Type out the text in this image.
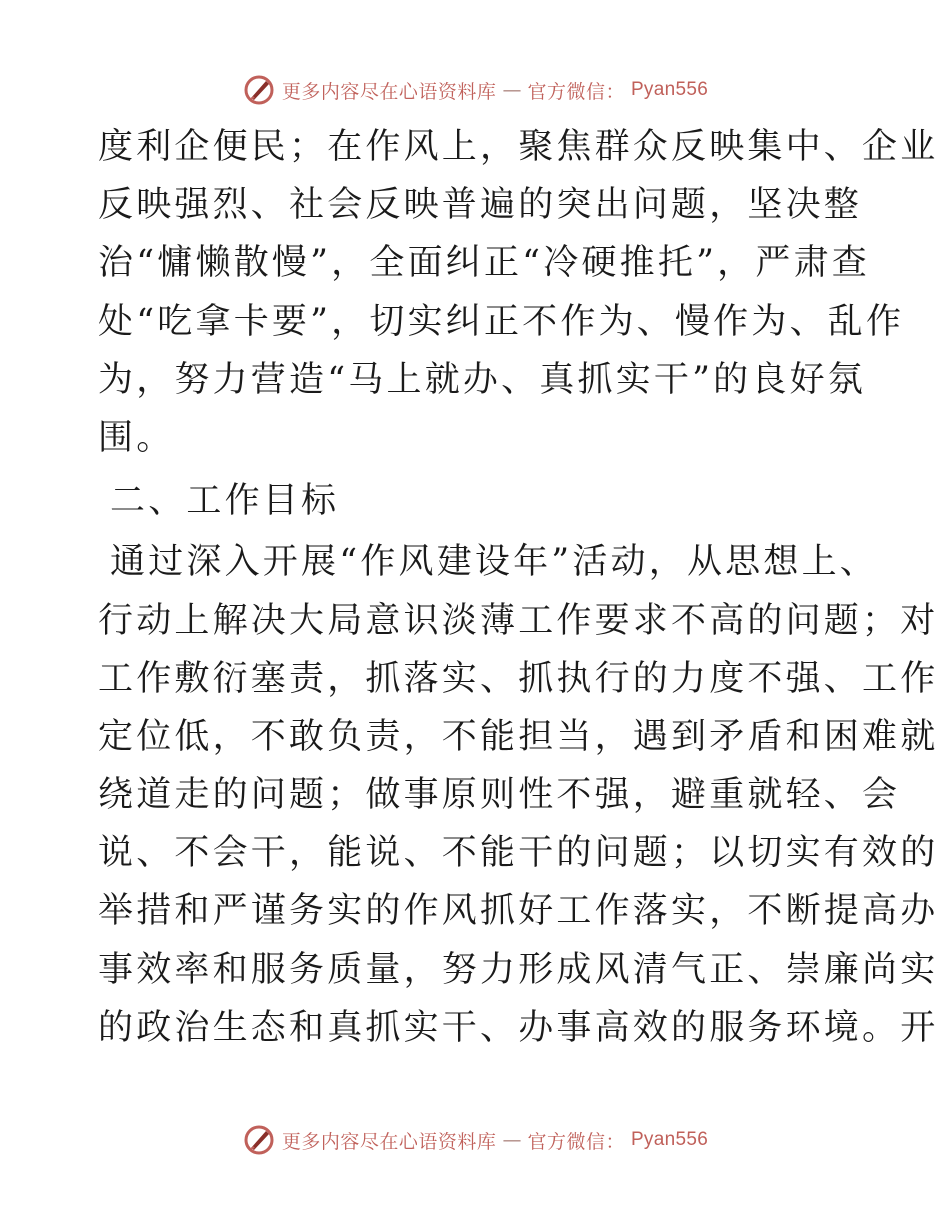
更多内容尽在心语资料库 — 官方微信： Pyan556
度利企便民；在作风上，聚焦群众反映集中、企业
反映强烈、社会反映普遍的突出问题，坚决整
治“慵懒散慢”，全面纠正“冷硬推托”，严肃查
处“吃拿卡要”，切实纠正不作为、慢作为、乱作
为，努力营造“马上就办、真抓实干”的良好氛
围。
二、工作目标
通过深入开展“作风建设年”活动，从思想上、
行动上解决大局意识淡薄工作要求不高的问题；对
工作敷衍塞责，抓落实、抓执行的力度不强、工作
定位低，不敢负责，不能担当，遇到矛盾和困难就
绕道走的问题；做事原则性不强，避重就轻、会
说、不会干，能说、不能干的问题；以切实有效的
举措和严谨务实的作风抓好工作落实，不断提高办
事效率和服务质量，努力形成风清气正、崇廉尚实
的政治生态和真抓实干、办事高效的服务环境。开
更多内容尽在心语资料库 — 官方微信： Pyan556
